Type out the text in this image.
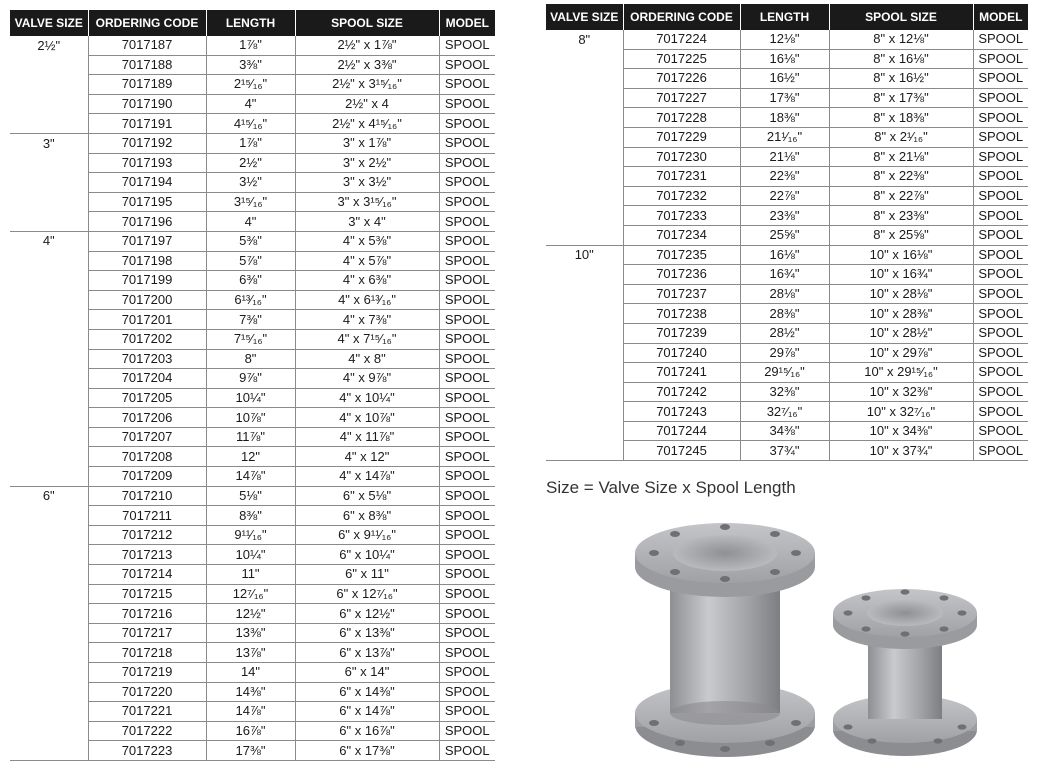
VALVE SIZE	ORDERING CODE	LENGTH	SPOOL SIZE	MODEL
2½"	7017187	1⅞"	2½" x 1⅞"	SPOOL
	7017188	3⅜"	2½" x 3⅜"	SPOOL
	7017189	2¹⁵⁄₁₆"	2½" x 3¹⁵⁄₁₆"	SPOOL
	7017190	4"	2½" x 4	SPOOL
	7017191	4¹⁵⁄₁₆"	2½" x 4¹⁵⁄₁₆"	SPOOL
3"	7017192	1⅞"	3" x 1⅞"	SPOOL
	7017193	2½"	3" x 2½"	SPOOL
	7017194	3½"	3" x 3½"	SPOOL
	7017195	3¹⁵⁄₁₆"	3" x 3¹⁵⁄₁₆"	SPOOL
	7017196	4"	3" x 4"	SPOOL
4"	7017197	5⅜"	4" x 5⅜"	SPOOL
	7017198	5⅞"	4" x 5⅞"	SPOOL
	7017199	6⅜"	4" x 6⅜"	SPOOL
	7017200	6¹³⁄₁₆"	4" x 6¹³⁄₁₆"	SPOOL
	7017201	7⅜"	4" x 7⅜"	SPOOL
	7017202	7¹⁵⁄₁₆"	4" x 7¹⁵⁄₁₆"	SPOOL
	7017203	8"	4" x 8"	SPOOL
	7017204	9⅞"	4" x 9⅞"	SPOOL
	7017205	10¼"	4" x 10¼"	SPOOL
	7017206	10⅞"	4" x 10⅞"	SPOOL
	7017207	11⅞"	4" x 11⅞"	SPOOL
	7017208	12"	4" x 12"	SPOOL
	7017209	14⅞"	4" x 14⅞"	SPOOL
6"	7017210	5⅛"	6" x 5⅛"	SPOOL
	7017211	8⅜"	6" x 8⅜"	SPOOL
	7017212	9¹¹⁄₁₆"	6" x 9¹¹⁄₁₆"	SPOOL
	7017213	10¼"	6" x 10¼"	SPOOL
	7017214	11"	6" x 11"	SPOOL
	7017215	12⁷⁄₁₆"	6" x 12⁷⁄₁₆"	SPOOL
	7017216	12½"	6" x 12½"	SPOOL
	7017217	13⅜"	6" x 13⅜"	SPOOL
	7017218	13⅞"	6" x 13⅞"	SPOOL
	7017219	14"	6" x 14"	SPOOL
	7017220	14⅜"	6" x 14⅜"	SPOOL
	7017221	14⅞"	6" x 14⅞"	SPOOL
	7017222	16⅞"	6" x 16⅞"	SPOOL
	7017223	17⅜"	6" x 17⅜"	SPOOL
VALVE SIZE	ORDERING CODE	LENGTH	SPOOL SIZE	MODEL
8"	7017224	12⅛"	8" x 12⅛"	SPOOL
	7017225	16⅛"	8" x 16⅛"	SPOOL
	7017226	16½"	8" x 16½"	SPOOL
	7017227	17⅜"	8" x 17⅜"	SPOOL
	7017228	18⅜"	8" x 18⅜"	SPOOL
	7017229	21¹⁄₁₆"	8" x 2¹⁄₁₆"	SPOOL
	7017230	21⅛"	8" x 21⅛"	SPOOL
	7017231	22⅜"	8" x 22⅜"	SPOOL
	7017232	22⅞"	8" x 22⅞"	SPOOL
	7017233	23⅜"	8" x 23⅜"	SPOOL
	7017234	25⅝"	8" x 25⅝"	SPOOL
10"	7017235	16⅛"	10" x 16⅛"	SPOOL
	7017236	16¾"	10" x 16¾"	SPOOL
	7017237	28⅛"	10" x 28⅛"	SPOOL
	7017238	28⅜"	10" x 28⅜"	SPOOL
	7017239	28½"	10" x 28½"	SPOOL
	7017240	29⅞"	10" x 29⅞"	SPOOL
	7017241	29¹⁵⁄₁₆"	10" x 29¹⁵⁄₁₆"	SPOOL
	7017242	32⅜"	10" x 32⅜"	SPOOL
	7017243	32⁷⁄₁₆"	10" x 32⁷⁄₁₆"	SPOOL
	7017244	34⅜"	10" x 34⅜"	SPOOL
	7017245	37¾"	10" x 37¾"	SPOOL
Size = Valve Size x Spool Length
